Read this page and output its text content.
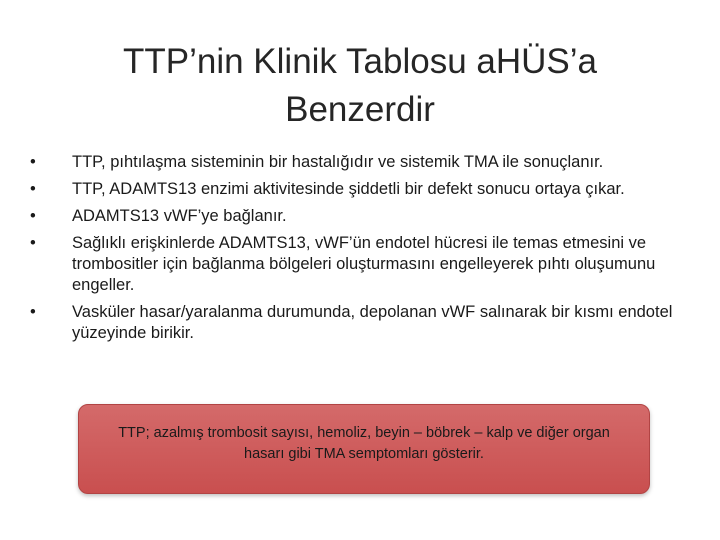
TTP’nin Klinik Tablosu aHÜS’a Benzerdir
•	TTP, pıhtılaşma sisteminin bir hastalığıdır ve sistemik TMA ile sonuçlanır.
•	TTP, ADAMTS13 enzimi aktivitesinde şiddetli bir defekt sonucu ortaya çıkar.
•	ADAMTS13 vWF’ye bağlanır.
•	Sağlıklı erişkinlerde ADAMTS13, vWF’ün endotel hücresi ile temas etmesini ve trombositler için bağlanma bölgeleri oluşturmasını engelleyerek pıhtı oluşumunu engeller.
•	Vasküler hasar/yaralanma durumunda, depolanan vWF salınarak bir kısmı endotel yüzeyinde birikir.
TTP; azalmış trombosit sayısı, hemoliz, beyin – böbrek – kalp ve diğer organ hasarı gibi TMA semptomları gösterir.
